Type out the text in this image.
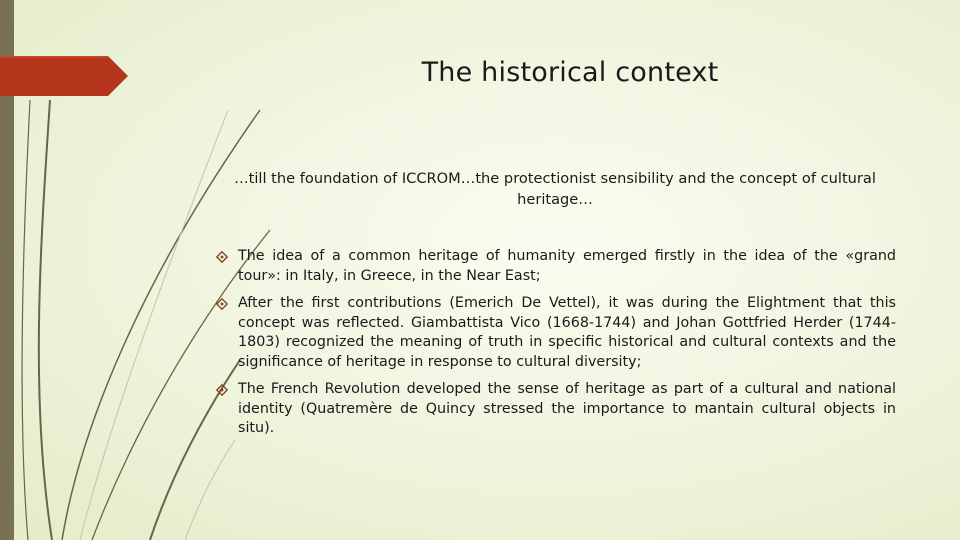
The historical context
…till the foundation of ICCROM…the protectionist sensibility and the concept of cultural heritage…
The idea of a common heritage of humanity emerged firstly in the idea of the «grand tour»: in Italy, in Greece, in the Near East;
After the first contributions (Emerich De Vettel), it was during the Elightment that this concept was reflected. Giambattista Vico (1668-1744) and Johan Gottfried Herder (1744-1803) recognized the meaning of truth in specific historical and cultural contexts and the significance of heritage in response to cultural diversity;
The French Revolution developed the sense of heritage as part of a cultural and national identity (Quatremère de Quincy stressed the importance to mantain cultural objects in situ).
